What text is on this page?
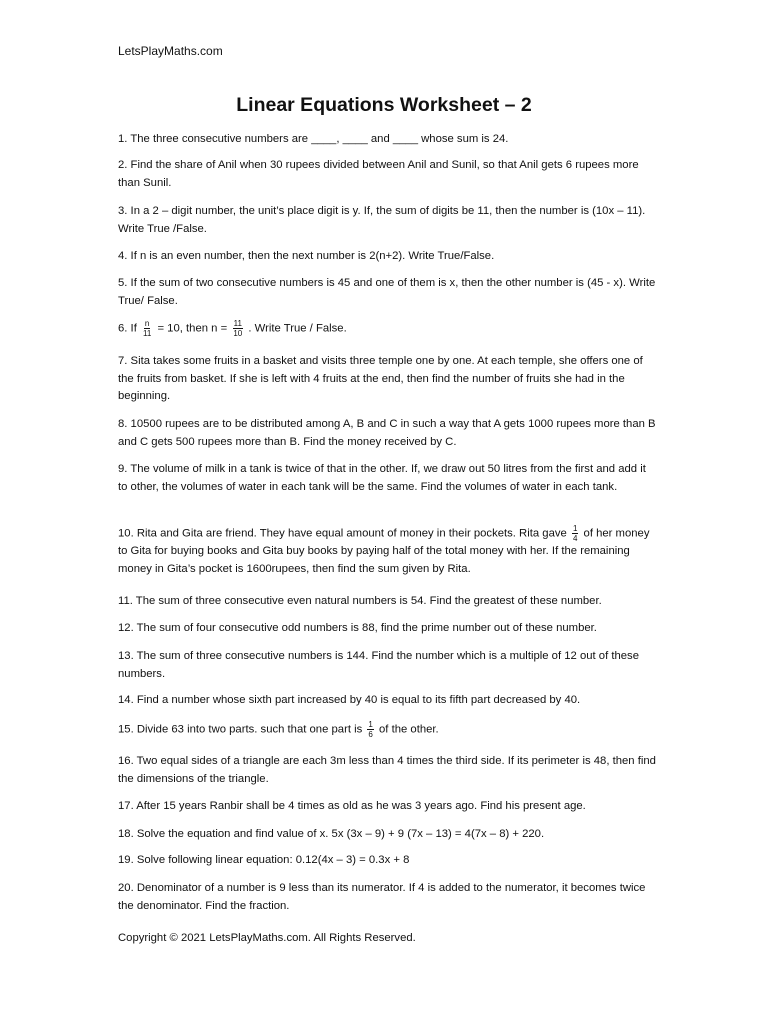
LetsPlayMaths.com
Linear Equations Worksheet – 2

1. The three consecutive numbers are ____, ____ and ____ whose sum is 24.

2. Find the share of Anil when 30 rupees divided between Anil and Sunil, so that Anil gets 6 rupees more than Sunil.

3. In a 2 – digit number, the unit’s place digit is y. If, the sum of digits be 11, then the number is (10x – 11). Write True /False.

4. If n is an even number, then the next number is 2(n+2). Write True/False.

5. If the sum of two consecutive numbers is 45 and one of them is x, then the other number is (45 - x). Write True/ False.

6. If $\frac{n}{11} = 10$, then $n = \frac{11}{10}$ . Write True / False.

7. Sita takes some fruits in a basket and visits three temple one by one. At each temple, she offers one of the fruits from basket. If she is left with 4 fruits at the end, then find the number of fruits she had in the beginning.

8. 10500 rupees are to be distributed among A, B and C in such a way that A gets 1000 rupees more than B and C gets 500 rupees more than B. Find the money received by C.

9. The volume of milk in a tank is twice of that in the other. If, we draw out 50 litres from the first and add it to other, the volumes of water in each tank will be the same. Find the volumes of water in each tank.

10. Rita and Gita are friend. They have equal amount of money in their pockets. Rita gave $\frac{1}{4}$ of her money to Gita for buying books and Gita buy books by paying half of the total money with her. If the remaining money in Gita’s pocket is 1600rupees, then find the sum given by Rita.

11. The sum of three consecutive even natural numbers is 54. Find the greatest of these number.

12. The sum of four consecutive odd numbers is 88, find the prime number out of these number.

13. The sum of three consecutive numbers is 144. Find the number which is a multiple of 12 out of these numbers.

14. Find a number whose sixth part increased by 40 is equal to its fifth part decreased by 40.

15. Divide 63 into two parts. such that one part is $\frac{1}{6}$ of the other.

16. Two equal sides of a triangle are each 3m less than 4 times the third side. If its perimeter is 48, then find the dimensions of the triangle.

17. After 15 years Ranbir shall be 4 times as old as he was 3 years ago. Find his present age.

18. Solve the equation and find value of x. 5x (3x – 9) + 9 (7x – 13) = 4(7x – 8) + 220.

19. Solve following linear equation: 0.12(4x – 3) = 0.3x + 8

20. Denominator of a number is 9 less than its numerator. If 4 is added to the numerator, it becomes twice the denominator. Find the fraction.

Copyright © 2021 LetsPlayMaths.com. All Rights Reserved.
